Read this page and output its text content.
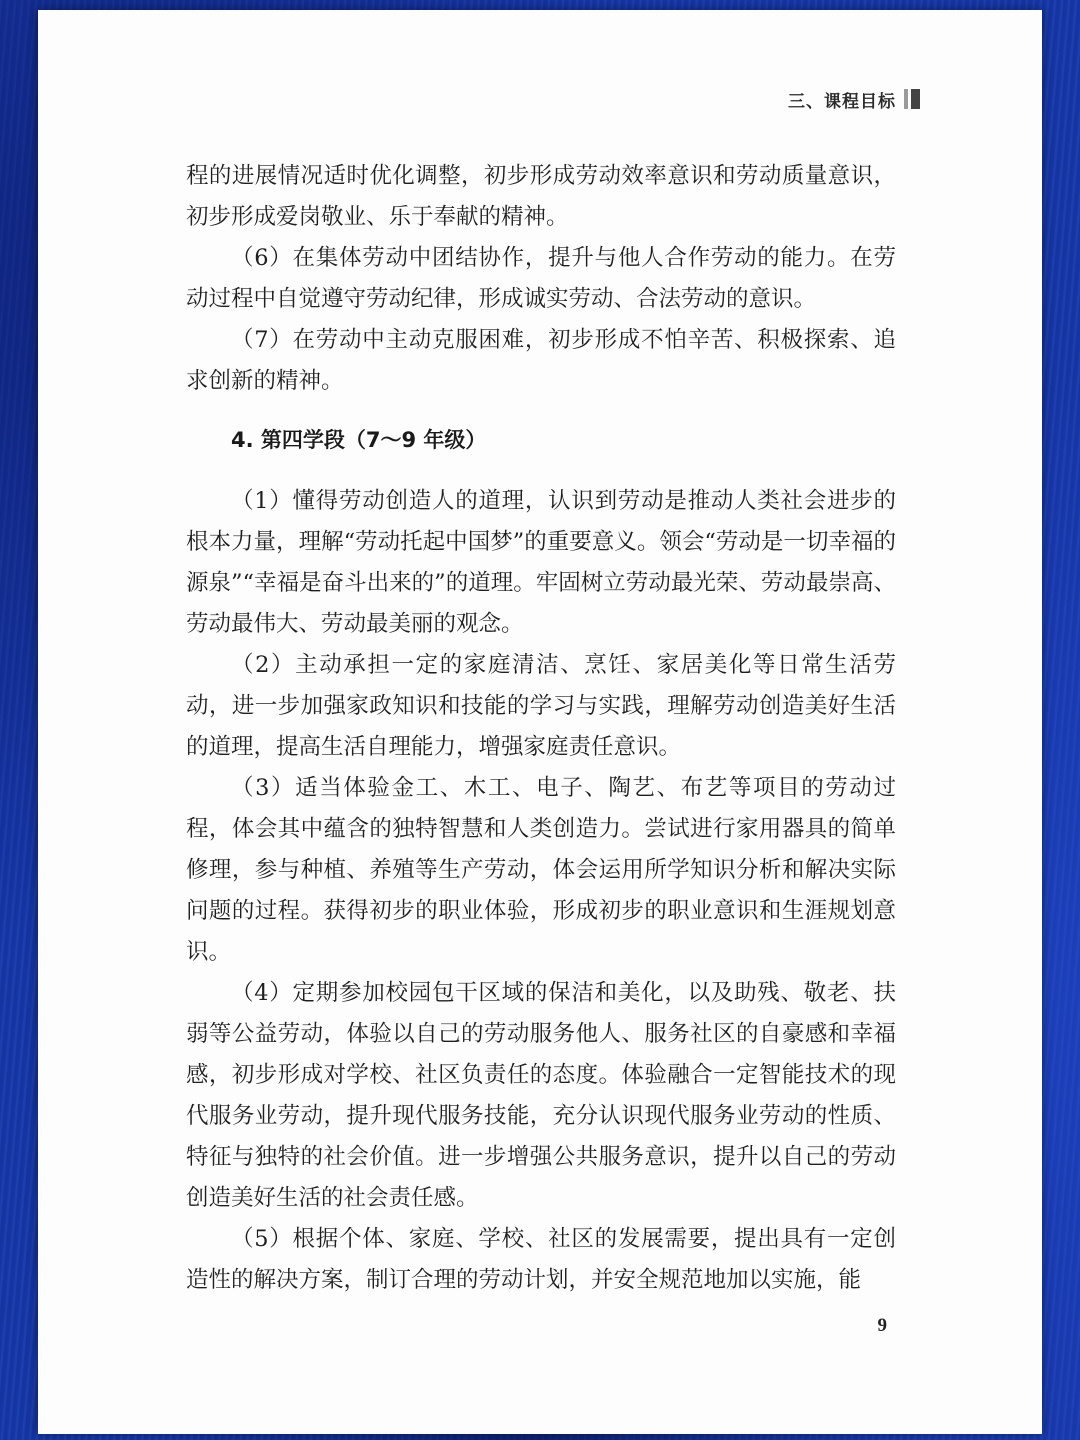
三、课程目标

程的进展情况适时优化调整，初步形成劳动效率意识和劳动质量意识，初步形成爱岗敬业、乐于奉献的精神。

（6）在集体劳动中团结协作，提升与他人合作劳动的能力。在劳动过程中自觉遵守劳动纪律，形成诚实劳动、合法劳动的意识。

（7）在劳动中主动克服困难，初步形成不怕辛苦、积极探索、追求创新的精神。

4. 第四学段（7～9 年级）

（1）懂得劳动创造人的道理，认识到劳动是推动人类社会进步的根本力量，理解“劳动托起中国梦”的重要意义。领会“劳动是一切幸福的源泉”“幸福是奋斗出来的”的道理。牢固树立劳动最光荣、劳动最崇高、劳动最伟大、劳动最美丽的观念。

（2）主动承担一定的家庭清洁、烹饪、家居美化等日常生活劳动，进一步加强家政知识和技能的学习与实践，理解劳动创造美好生活的道理，提高生活自理能力，增强家庭责任意识。

（3）适当体验金工、木工、电子、陶艺、布艺等项目的劳动过程，体会其中蕴含的独特智慧和人类创造力。尝试进行家用器具的简单修理，参与种植、养殖等生产劳动，体会运用所学知识分析和解决实际问题的过程。获得初步的职业体验，形成初步的职业意识和生涯规划意识。

（4）定期参加校园包干区域的保洁和美化，以及助残、敬老、扶弱等公益劳动，体验以自己的劳动服务他人、服务社区的自豪感和幸福感，初步形成对学校、社区负责任的态度。体验融合一定智能技术的现代服务业劳动，提升现代服务技能，充分认识现代服务业劳动的性质、特征与独特的社会价值。进一步增强公共服务意识，提升以自己的劳动创造美好生活的社会责任感。

（5）根据个体、家庭、学校、社区的发展需要，提出具有一定创造性的解决方案，制订合理的劳动计划，并安全规范地加以实施，能

9
